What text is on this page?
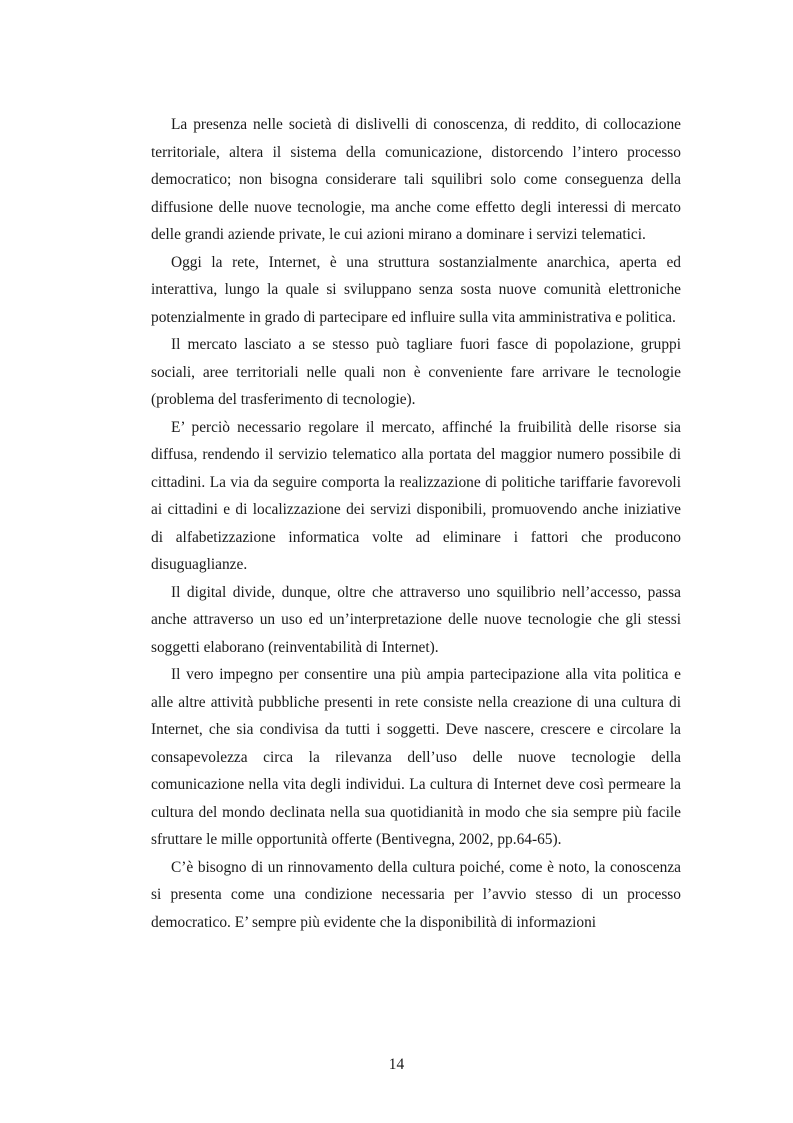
La presenza nelle società di dislivelli di conoscenza, di reddito, di collocazione territoriale, altera il sistema della comunicazione, distorcendo l’intero processo democratico; non bisogna considerare tali squilibri solo come conseguenza della diffusione delle nuove tecnologie, ma anche come effetto degli interessi di mercato delle grandi aziende private, le cui azioni mirano a dominare i servizi telematici.

Oggi la rete, Internet, è una struttura sostanzialmente anarchica, aperta ed interattiva, lungo la quale si sviluppano senza sosta nuove comunità elettroniche potenzialmente in grado di partecipare ed influire sulla vita amministrativa e politica.

Il mercato lasciato a se stesso può tagliare fuori fasce di popolazione, gruppi sociali, aree territoriali nelle quali non è conveniente fare arrivare le tecnologie (problema del trasferimento di tecnologie).

E’ perciò necessario regolare il mercato, affinché la fruibilità delle risorse sia diffusa, rendendo il servizio telematico alla portata del maggior numero possibile di cittadini. La via da seguire comporta la realizzazione di politiche tariffarie favorevoli ai cittadini e di localizzazione dei servizi disponibili, promuovendo anche iniziative di alfabetizzazione informatica volte ad eliminare i fattori che producono disuguaglianze.

Il digital divide, dunque, oltre che attraverso uno squilibrio nell’accesso, passa anche attraverso un uso ed un’interpretazione delle nuove tecnologie che gli stessi soggetti elaborano (reinventabilità di Internet).

Il vero impegno per consentire una più ampia partecipazione alla vita politica e alle altre attività pubbliche presenti in rete consiste nella creazione di una cultura di Internet, che sia condivisa da tutti i soggetti. Deve nascere, crescere e circolare la consapevolezza circa la rilevanza dell’uso delle nuove tecnologie della comunicazione nella vita degli individui. La cultura di Internet deve così permeare la cultura del mondo declinata nella sua quotidianità in modo che sia sempre più facile sfruttare le mille opportunità offerte (Bentivegna, 2002, pp.64-65).

C’è bisogno di un rinnovamento della cultura poiché, come è noto, la conoscenza si presenta come una condizione necessaria per l’avvio stesso di un processo democratico. E’ sempre più evidente che la disponibilità di informazioni

14
